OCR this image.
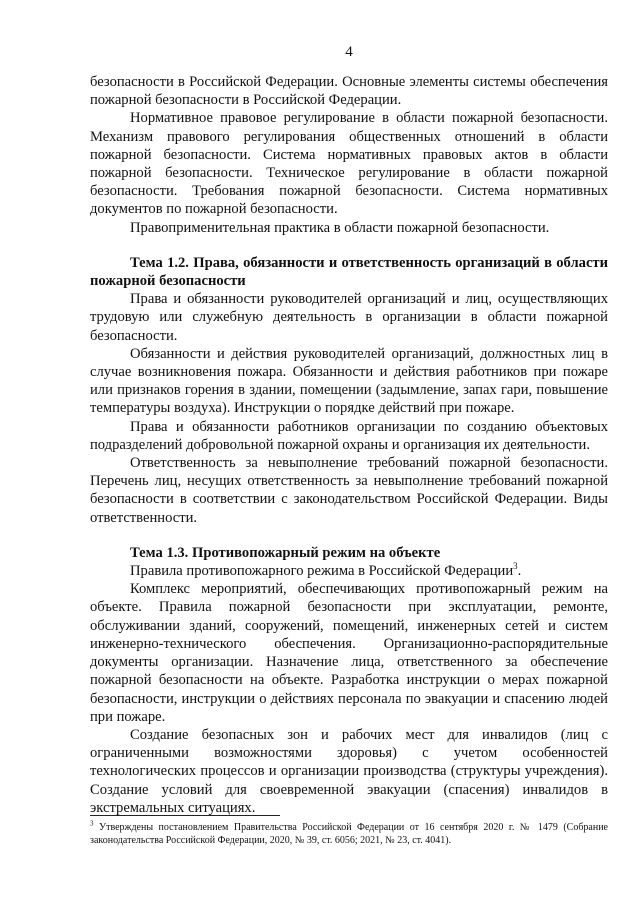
4

безопасности в Российской Федерации. Основные элементы системы обеспечения пожарной безопасности в Российской Федерации.

Нормативное правовое регулирование в области пожарной безопасности. Механизм правового регулирования общественных отношений в области пожарной безопасности. Система нормативных правовых актов в области пожарной безопасности. Техническое регулирование в области пожарной безопасности. Требования пожарной безопасности. Система нормативных документов по пожарной безопасности.

Правоприменительная практика в области пожарной безопасности.

Тема 1.2. Права, обязанности и ответственность организаций в области пожарной безопасности

Права и обязанности руководителей организаций и лиц, осуществляющих трудовую или служебную деятельность в организации в области пожарной безопасности.

Обязанности и действия руководителей организаций, должностных лиц в случае возникновения пожара. Обязанности и действия работников при пожаре или признаков горения в здании, помещении (задымление, запах гари, повышение температуры воздуха). Инструкции о порядке действий при пожаре.

Права и обязанности работников организации по созданию объектовых подразделений добровольной пожарной охраны и организация их деятельности.

Ответственность за невыполнение требований пожарной безопасности. Перечень лиц, несущих ответственность за невыполнение требований пожарной безопасности в соответствии с законодательством Российской Федерации. Виды ответственности.

Тема 1.3. Противопожарный режим на объекте

Правила противопожарного режима в Российской Федерации$^3$.

Комплекс мероприятий, обеспечивающих противопожарный режим на объекте. Правила пожарной безопасности при эксплуатации, ремонте, обслуживании зданий, сооружений, помещений, инженерных сетей и систем инженерно-технического обеспечения. Организационно-распорядительные документы организации. Назначение лица, ответственного за обеспечение пожарной безопасности на объекте. Разработка инструкции о мерах пожарной безопасности, инструкции о действиях персонала по эвакуации и спасению людей при пожаре.

Создание безопасных зон и рабочих мест для инвалидов (лиц с ограниченными возможностями здоровья) с учетом особенностей технологических процессов и организации производства (структуры учреждения). Создание условий для своевременной эвакуации (спасения) инвалидов в экстремальных ситуациях.

$^3$ Утверждены постановлением Правительства Российской Федерации от 16 сентября 2020 г. № 1479 (Собрание законодательства Российской Федерации, 2020, № 39, ст. 6056; 2021, № 23, ст. 4041).
